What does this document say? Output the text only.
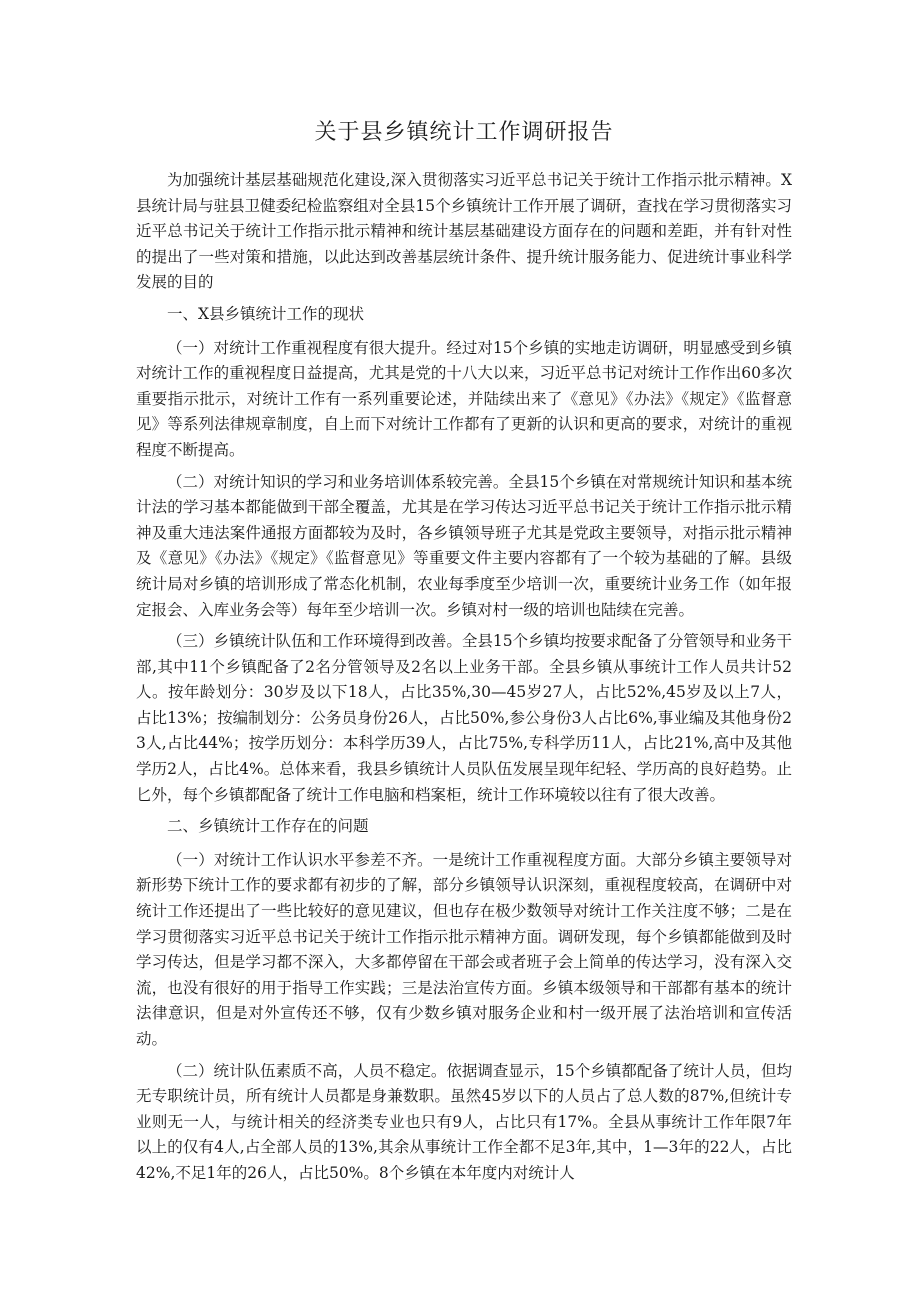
关于县乡镇统计工作调研报告

为加强统计基层基础规范化建设,深入贯彻落实习近平总书记关于统计工作指示批示精神。X县统计局与驻县卫健委纪检监察组对全县15个乡镇统计工作开展了调研，查找在学习贯彻落实习近平总书记关于统计工作指示批示精神和统计基层基础建设方面存在的问题和差距，并有针对性的提出了一些对策和措施，以此达到改善基层统计条件、提升统计服务能力、促进统计事业科学发展的目的

一、X县乡镇统计工作的现状

（一）对统计工作重视程度有很大提升。经过对15个乡镇的实地走访调研，明显感受到乡镇对统计工作的重视程度日益提高，尤其是党的十八大以来，习近平总书记对统计工作作出60多次重要指示批示，对统计工作有一系列重要论述，并陆续出来了《意见》《办法》《规定》《监督意见》等系列法律规章制度，自上而下对统计工作都有了更新的认识和更高的要求，对统计的重视程度不断提高。

（二）对统计知识的学习和业务培训体系较完善。全县15个乡镇在对常规统计知识和基本统计法的学习基本都能做到干部全覆盖，尤其是在学习传达习近平总书记关于统计工作指示批示精神及重大违法案件通报方面都较为及时，各乡镇领导班子尤其是党政主要领导，对指示批示精神及《意见》《办法》《规定》《监督意见》等重要文件主要内容都有了一个较为基础的了解。县级统计局对乡镇的培训形成了常态化机制，农业每季度至少培训一次，重要统计业务工作（如年报定报会、入库业务会等）每年至少培训一次。乡镇对村一级的培训也陆续在完善。

（三）乡镇统计队伍和工作环境得到改善。全县15个乡镇均按要求配备了分管领导和业务干部,其中11个乡镇配备了2名分管领导及2名以上业务干部。全县乡镇从事统计工作人员共计52人。按年龄划分：30岁及以下18人，占比35%,30—45岁27人，占比52%,45岁及以上7人，占比13%；按编制划分：公务员身份26人，占比50%,参公身份3人占比6%,事业编及其他身份23人,占比44%；按学历划分：本科学历39人，占比75%,专科学历11人，占比21%,高中及其他学历2人，占比4%。总体来看，我县乡镇统计人员队伍发展呈现年纪轻、学历高的良好趋势。止匕外，每个乡镇都配备了统计工作电脑和档案柜，统计工作环境较以往有了很大改善。

二、乡镇统计工作存在的问题

（一）对统计工作认识水平参差不齐。一是统计工作重视程度方面。大部分乡镇主要领导对新形势下统计工作的要求都有初步的了解，部分乡镇领导认识深刻，重视程度较高，在调研中对统计工作还提出了一些比较好的意见建议，但也存在极少数领导对统计工作关注度不够；二是在学习贯彻落实习近平总书记关于统计工作指示批示精神方面。调研发现，每个乡镇都能做到及时学习传达，但是学习都不深入，大多都停留在干部会或者班子会上简单的传达学习，没有深入交流，也没有很好的用于指导工作实践；三是法治宣传方面。乡镇本级领导和干部都有基本的统计法律意识，但是对外宣传还不够，仅有少数乡镇对服务企业和村一级开展了法治培训和宣传活动。

（二）统计队伍素质不高，人员不稳定。依据调查显示，15个乡镇都配备了统计人员，但均无专职统计员，所有统计人员都是身兼数职。虽然45岁以下的人员占了总人数的87%,但统计专业则无一人，与统计相关的经济类专业也只有9人，占比只有17%。全县从事统计工作年限7年以上的仅有4人,占全部人员的13%,其余从事统计工作全都不足3年,其中，1—3年的22人，占比42%,不足1年的26人，占比50%。8个乡镇在本年度内对统计人
